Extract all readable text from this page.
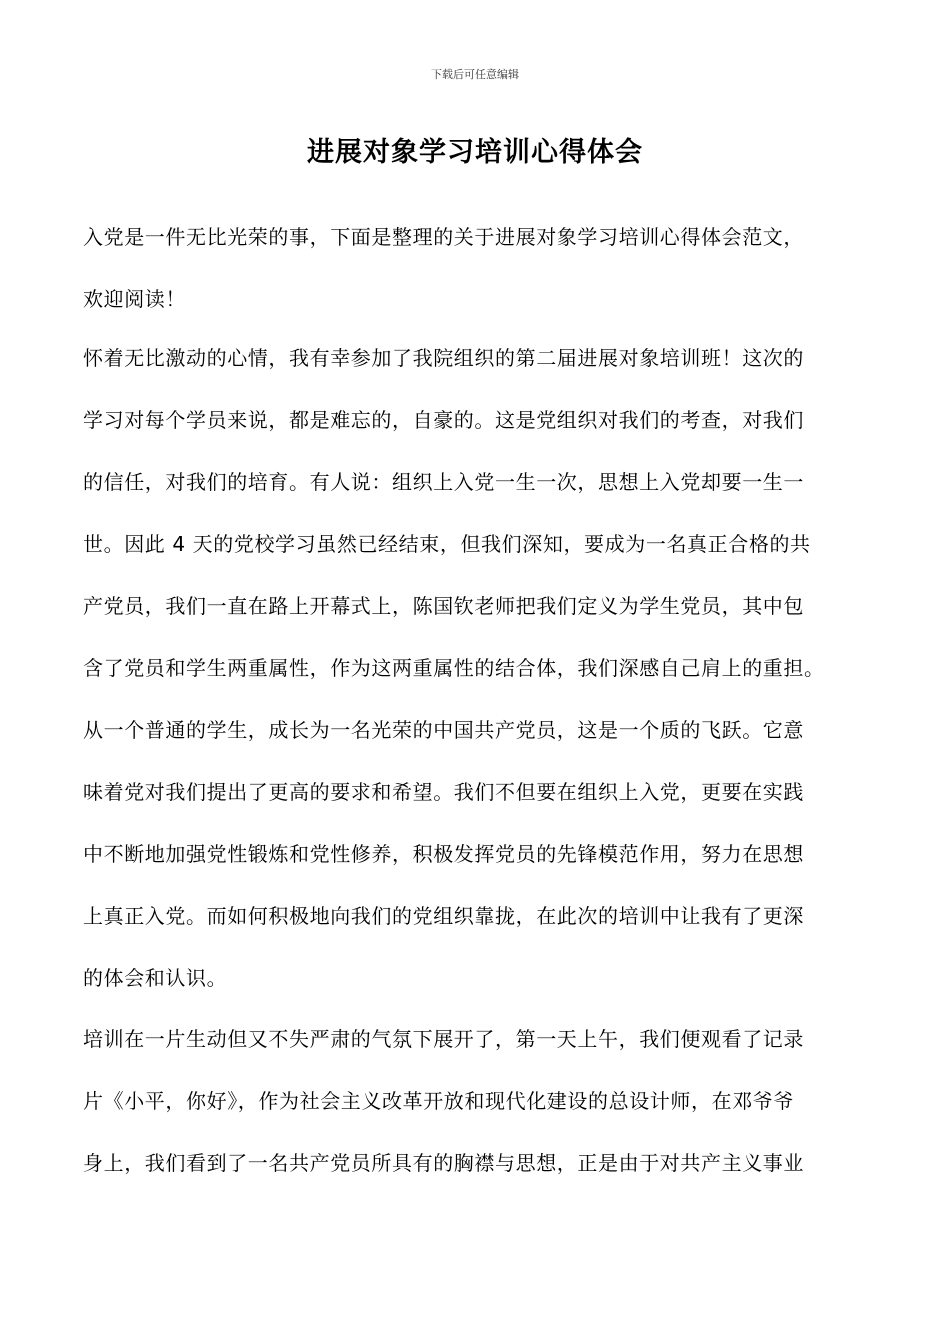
下载后可任意编辑
进展对象学习培训心得体会
入党是一件无比光荣的事，下面是整理的关于进展对象学习培训心得体会范文，
欢迎阅读！
怀着无比激动的心情，我有幸参加了我院组织的第二届进展对象培训班！这次的
学习对每个学员来说，都是难忘的，自豪的。这是党组织对我们的考查，对我们
的信任，对我们的培育。有人说：组织上入党一生一次，思想上入党却要一生一
世。因此 4 天的党校学习虽然已经结束，但我们深知，要成为一名真正合格的共
产党员，我们一直在路上开幕式上，陈国钦老师把我们定义为学生党员，其中包
含了党员和学生两重属性，作为这两重属性的结合体，我们深感自己肩上的重担。
从一个普通的学生，成长为一名光荣的中国共产党员，这是一个质的飞跃。它意
味着党对我们提出了更高的要求和希望。我们不但要在组织上入党，更要在实践
中不断地加强党性锻炼和党性修养，积极发挥党员的先锋模范作用，努力在思想
上真正入党。而如何积极地向我们的党组织靠拢，在此次的培训中让我有了更深
的体会和认识。
培训在一片生动但又不失严肃的气氛下展开了，第一天上午，我们便观看了记录
片《小平，你好》，作为社会主义改革开放和现代化建设的总设计师，在邓爷爷
身上，我们看到了一名共产党员所具有的胸襟与思想，正是由于对共产主义事业
